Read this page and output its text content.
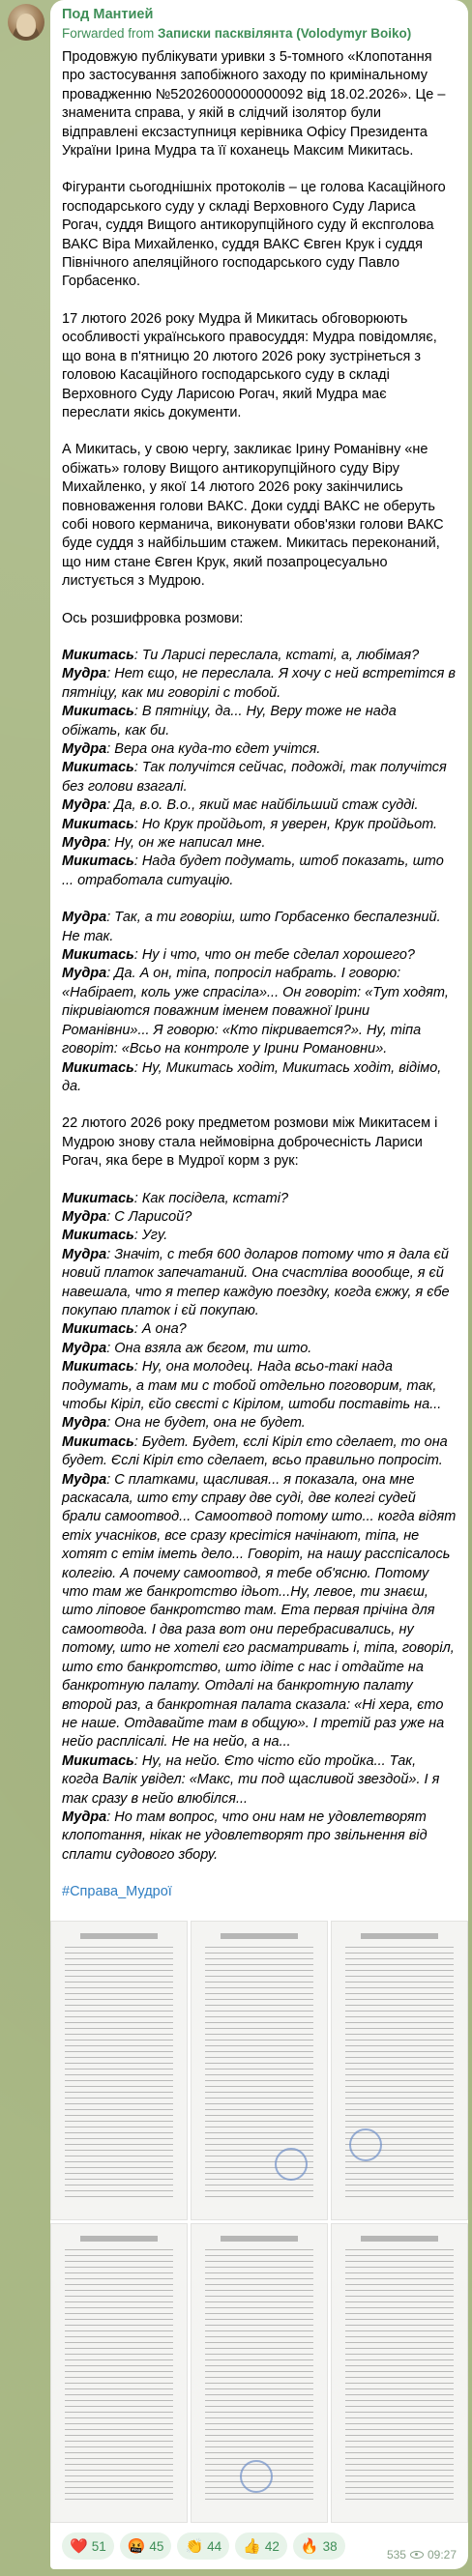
Под Мантией
Forwarded from Записки пасквілянта (Volodymyr Boiko)
Продовжую публікувати уривки з 5-томного «Клопотання про застосування запобіжного заходу по кримінальному провадженню №52026000000000092 від 18.02.2026». Це – знаменита справа, у якій в слідчий ізолятор були відправлені ексзаступниця керівника Офісу Президента України Ірина Мудра та її коханець Максим Микитась.
Фігуранти сьогоднішніх протоколів – це голова Касаційного господарського суду у складі Верховного Суду Лариса Рогач, суддя Вищого антикорупційного суду й експголова ВАКС Віра Михайленко, суддя ВАКС Євген Крук і суддя Північного апеляційного господарського суду Павло Горбасенко.
17 лютого 2026 року Мудра й Микитась обговорюють особливості українського правосуддя: Мудра повідомляє, що вона в п'ятницю 20 лютого 2026 року зустрінеться з головою Касаційного господарського суду в складі Верховного Суду Ларисою Рогач, який Мудра має переслати якісь документи.
А Микитась, у свою чергу, закликає Ірину Романівну «не обіжать» голову Вищого антикорупційного суду Віру Михайленко, у якої 14 лютого 2026 року закінчились повноваження голови ВАКС. Доки судді ВАКС не оберуть собі нового керманича, виконувати обов'язки голови ВАКС буде суддя з найбільшим стажем. Микитась переконаний, що ним стане Євген Крук, який позапроцесуально листується з Мудрою.
Ось розшифровка розмови:
Микитась: Ти Ларисі переслала, кстаті, а, любімая?
Мудра: Нет єщо, не переслала. Я хочу с ней встретітся в пятніцу, как ми говорілі с тобой.
Микитась: В пятніцу, да... Ну, Веру тоже не нада обіжать, как би.
Мудра: Вера она куда-то єдет учітся.
Микитась: Так получітся сейчас, подожді, так получітся без голови взагалі.
Мудра: Да, в.о. В.о., який має найбільший стаж судді.
Микитась: Но Крук пройдьот, я уверен, Крук пройдьот.
Мудра: Ну, он же написал мне.
Микитась: Нада будет подумать, штоб показать, што ... отработала ситуацію.
Мудра: Так, а ти говоріш, што Горбасенко беспалезний. Не так.
Микитась: Ну і что, что он тебе сделал хорошего?
Мудра: Да. А он, тіпа, попросіл набрать. І говорю: «Набірает, коль уже спрасіла»... Он говоріт: «Тут ходят, пікривіаются поважним іменем поважної Ірини Романівни»... Я говорю: «Кто пікривается?». Ну, тіпа говоріт: «Всьо на контроле у Ірини Романовни».
Микитась: Ну, Микитась ходіт, Микитась ходіт, відімо, да.
22 лютого 2026 року предметом розмови між Микитасем і Мудрою знову стала неймовірна доброчесність Лариси Рогач, яка бере в Мудрої корм з рук:
Микитась: Как посідела, кстаті?
Мудра: С Ларисой?
Микитась: Угу.
Мудра: Значіт, с тебя 600 доларов потому что я дала єй новий платок запечатаний. Она счастліва воообще, я єй навешала, что я тепер каждую поездку, когда єжжу, я єбе покупаю платок і єй покупаю.
Микитась: А она?
Мудра: Она взяла аж бєгом, ти што.
Микитась: Ну, она молодец. Нада всьо-такі нада подумать, а там ми с тобой отдельно поговорим, так, чтобы Кіріл, єйо свєсті с Кірілом, штоби поставіть на...
Мудра: Она не будет, она не будет.
Микитась: Будет. Будет, єслі Кіріл єто сделает, то она будет. Єслі Кіріл єто сделает, всьо правильно попросіт.
Мудра: С платками, щасливая... я показала, она мне раскасала, што єту справу две суді, две колегі судей брали самоотвод... Самоотвод потому што... когда відят етіх учасніков, все сразу кресітіся начінают, тіпа, не хотят с етім іметь дело... Говоріт, на нашу расспісалось колегію. А почему самоотвод, я тебе об'ясню. Потому что там же банкротство ідьот...Ну, левое, ти знаєш, што лiповое банкротство там. Ета первая прічіна для самоотвода. І два раза вот они перебрасивались, ну потому, што не хотелі єго расматривать і, тіпа, говоріл, што єто банкротство, што ідіте с нас і отдайте на банкротную палату. Отдалі на банкротную палату второй раз, а банкротная палата сказала: «Ні хера, єто не наше. Отдавайте там в общую». І третій раз уже на нейо расплісалі. Не на нейо, а на...
Микитась: Ну, на нейо. Єто чісто єйо тройка... Так, когда Валік увідел: «Макс, ти под щасливой звездой». І я так сразу в нейо влюбілся...
Мудра: Но там вопрос, что они нам не удовлетворят клопотання, нікак не удовлетворят про звільнення від сплати судового збору.
#Справа_Мудрої
❤️ 51 🤬 45 👏 44 👍 42 🔥 38
535 09:27
